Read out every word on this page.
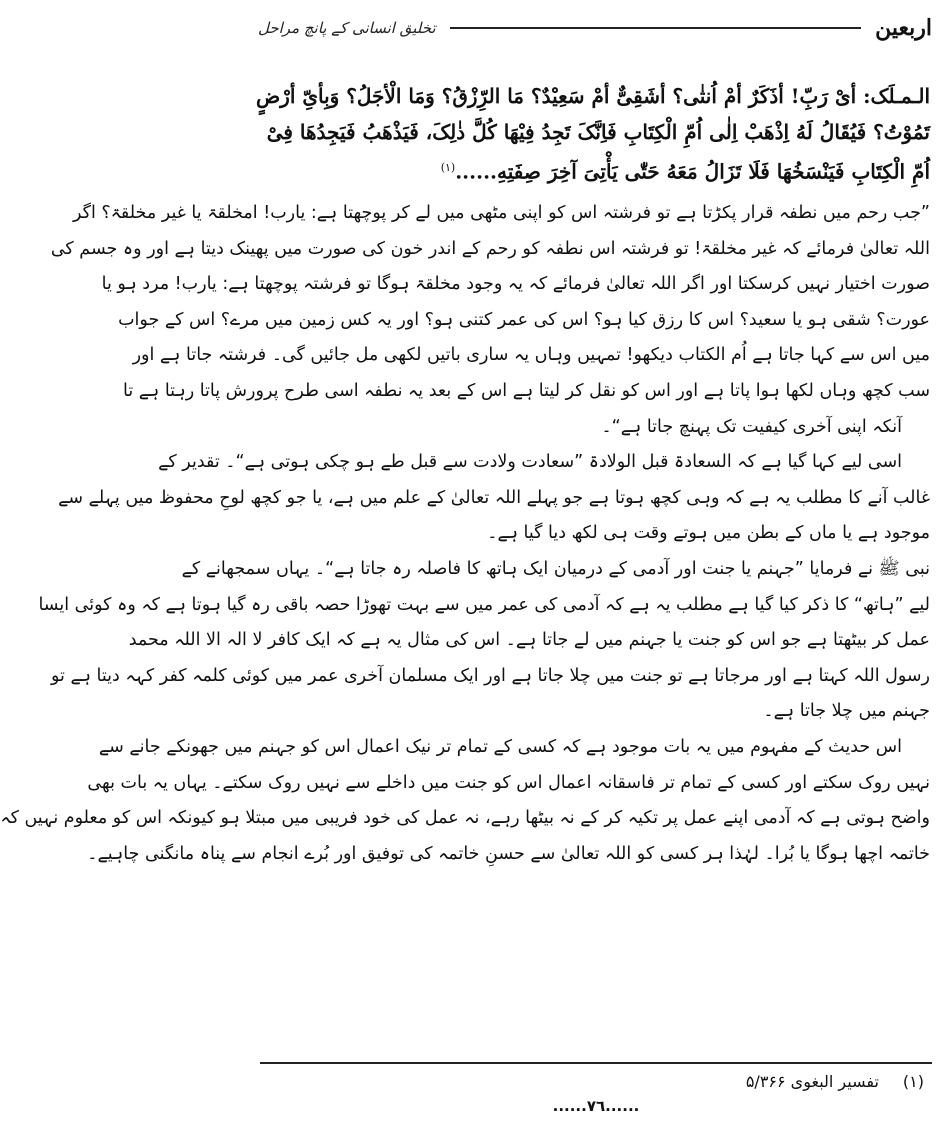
اربعین
تخلیق انسانی کے پانچ مراحل
الـمـلَک: أیْ رَبِّ! أذَکَرٌ أمْ اُنثٰی؟ أشَقِیٌّ أمْ سَعِیْدٌ؟ مَا الرِّزْقُ؟ وَمَا الْأجَلُ؟ وَبِأیِّ أرْضٍ
تَمُوْتُ؟ فَیُقَالُ لَهُ اِذْهَبْ اِلٰی اُمِّ الْکِتَابِ فَاِنَّکَ تَجِدُ فِیْهَا کُلَّ ذٰلِکَ، فَیَذْهَبُ فَیَجِدُهَا فِیْ
اُمِّ الْکِتَابِ فَیَنْسَخُهَا فَلَا تَزَالُ مَعَهُ حَتّٰی یَأْتِیَ آخِرَ صِفَتِهِ......$^{(۱)}$

”جب رحم میں نطفہ قرار پکڑتا ہے تو فرشتہ اس کو اپنی مٹھی میں لے کر پوچھتا ہے: یارب! امخلقۃ یا غیر مخلقۃ؟ اگر
اللہ تعالیٰ فرمائے کہ غیر مخلقۃ! تو فرشتہ اس نطفہ کو رحم کے اندر خون کی صورت میں پھینک دیتا ہے اور وہ جسم کی
صورت اختیار نہیں کرسکتا اور اگر اللہ تعالیٰ فرمائے کہ یہ وجود مخلقۃ ہوگا تو فرشتہ پوچھتا ہے: یارب! مرد ہو یا
عورت؟ شقی ہو یا سعید؟ اس کا رزق کیا ہو؟ اس کی عمر کتنی ہو؟ اور یہ کس زمین میں مرے؟ اس کے جواب
میں اس سے کہا جاتا ہے اُم الکتاب دیکھو! تمہیں وہاں یہ ساری باتیں لکھی مل جائیں گی۔ فرشتہ جاتا ہے اور
سب کچھ وہاں لکھا ہوا پاتا ہے اور اس کو نقل کر لیتا ہے اس کے بعد یہ نطفہ اسی طرح پرورش پاتا رہتا ہے تا
آنکہ اپنی آخری کیفیت تک پہنچ جاتا ہے“۔

اسی لیے کہا گیا ہے کہ السعادۃ قبل الولادۃ ”سعادت ولادت سے قبل طے ہو چکی ہوتی ہے“۔ تقدیر کے
غالب آنے کا مطلب یہ ہے کہ وہی کچھ ہوتا ہے جو پہلے اللہ تعالیٰ کے علم میں ہے، یا جو کچھ لوحِ محفوظ میں پہلے سے
موجود ہے یا ماں کے بطن میں ہوتے وقت ہی لکھ دیا گیا ہے۔

نبی ﷺ نے فرمایا ”جہنم یا جنت اور آدمی کے درمیان ایک ہاتھ کا فاصلہ رہ جاتا ہے“۔ یہاں سمجھانے کے
لیے ”ہاتھ“ کا ذکر کیا گیا ہے مطلب یہ ہے کہ آدمی کی عمر میں سے بہت تھوڑا حصہ باقی رہ گیا ہوتا ہے کہ وہ کوئی ایسا
عمل کر بیٹھتا ہے جو اس کو جنت یا جہنم میں لے جاتا ہے۔ اس کی مثال یہ ہے کہ ایک کافر لا الہ الا اللہ محمد
رسول اللہ کہتا ہے اور مرجاتا ہے تو جنت میں چلا جاتا ہے اور ایک مسلمان آخری عمر میں کوئی کلمہ کفر کہہ دیتا ہے تو
جہنم میں چلا جاتا ہے۔

اس حدیث کے مفہوم میں یہ بات موجود ہے کہ کسی کے تمام تر نیک اعمال اس کو جہنم میں جھونکے جانے سے
نہیں روک سکتے اور کسی کے تمام تر فاسقانہ اعمال اس کو جنت میں داخلے سے نہیں روک سکتے۔ یہاں یہ بات بھی
واضح ہوتی ہے کہ آدمی اپنے عمل پر تکیہ کر کے نہ بیٹھا رہے، نہ عمل کی خود فریبی میں مبتلا ہو کیونکہ اس کو معلوم نہیں کہ
خاتمہ اچھا ہوگا یا بُرا۔ لہٰذا ہر کسی کو اللہ تعالیٰ سے حسنِ خاتمہ کی توفیق اور بُرے انجام سے پناہ مانگنی چاہیے۔

(۱)
تفسیر البغوی ۵/۳۶۶
......٧٦......
